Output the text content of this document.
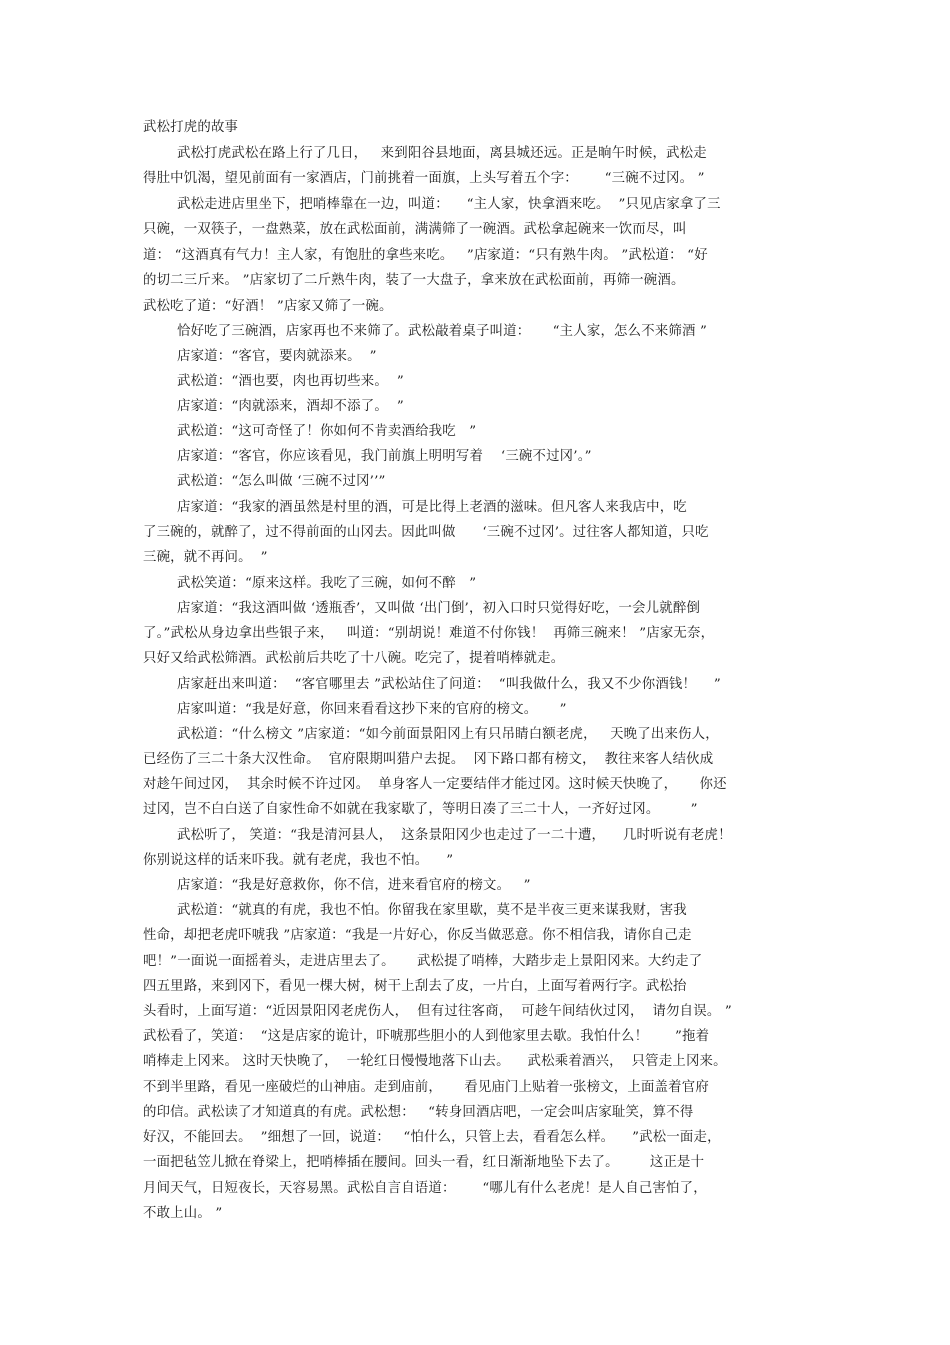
武松打虎的故事
武松打虎武松在路上行了几日，   来到阳谷县地面，离县城还远。正是晌午时候，武松走
得肚中饥渴，望见前面有一家酒店，门前挑着一面旗，上头写着五个字：      “三碗不过冈。 ”
武松走进店里坐下，把哨棒靠在一边，叫道：    “主人家，快拿酒来吃。  ”只见店家拿了三
只碗，一双筷子，一盘熟菜，放在武松面前，满满筛了一碗酒。武松拿起碗来一饮而尽，叫
道： “这酒真有气力！主人家，有饱肚的拿些来吃。   ”店家道：“只有熟牛肉。 ”武松道： “好
的切二三斤来。 ”店家切了二斤熟牛肉，装了一大盘子，拿来放在武松面前，再筛一碗酒。
武松吃了道：“好酒！ ”店家又筛了一碗。
恰好吃了三碗酒，店家再也不来筛了。武松敲着桌子叫道：     “主人家，怎么不来筛酒 ”
店家道：“客官，要肉就添来。  ”
武松道：“酒也要，肉也再切些来。  ”
店家道：“肉就添来，酒却不添了。  ”
武松道：“这可奇怪了！你如何不肯卖酒给我吃   ”
店家道：“客官，你应该看见，我门前旗上明明写着    ‘三碗不过冈’。”
武松道：“怎么叫做 ‘三碗不过冈’’”
店家道：“我家的酒虽然是村里的酒，可是比得上老酒的滋味。但凡客人来我店中，吃
了三碗的，就醉了，过不得前面的山冈去。因此叫做      ‘三碗不过冈’。过往客人都知道，只吃
三碗，就不再问。  ”
武松笑道：“原来这样。我吃了三碗，如何不醉   ”
店家道：“我这酒叫做 ‘透瓶香’，又叫做 ‘出门倒’，初入口时只觉得好吃，一会儿就醉倒
了。”武松从身边拿出些银子来，   叫道：“别胡说！难道不付你钱！  再筛三碗来！ ”店家无奈，
只好又给武松筛酒。武松前后共吃了十八碗。吃完了，提着哨棒就走。
店家赶出来叫道：  “客官哪里去 ”武松站住了问道：  “叫我做什么，我又不少你酒钱！    ”
店家叫道：“我是好意，你回来看看这抄下来的官府的榜文。     ”
武松道：“什么榜文 ”店家道：“如今前面景阳冈上有只吊睛白额老虎，   天晚了出来伤人，
已经伤了三二十条大汉性命。  官府限期叫猎户去捉。  冈下路口都有榜文，  教往来客人结伙成
对趁午间过冈，  其余时候不许过冈。  单身客人一定要结伴才能过冈。这时候天快晚了，     你还
过冈，岂不白白送了自家性命不如就在我家歇了，等明日凑了三二十人，一齐好过冈。       ”
武松听了， 笑道：“我是清河县人，  这条景阳冈少也走过了一二十遭，    几时听说有老虎！
你别说这样的话来吓我。就有老虎，我也不怕。    ”
店家道：“我是好意救你，你不信，进来看官府的榜文。   ”
武松道：“就真的有虎，我也不怕。你留我在家里歇，莫不是半夜三更来谋我财，害我
性命，却把老虎吓唬我 ”店家道：“我是一片好心，你反当做恶意。你不相信我，请你自己走
吧！”一面说一面摇着头，走进店里去了。     武松提了哨棒，大踏步走上景阳冈来。大约走了
四五里路，来到冈下，看见一棵大树，树干上刮去了皮，一片白，上面写着两行字。武松抬
头看时，上面写道：“近因景阳冈老虎伤人，  但有过往客商，  可趁午间结伙过冈，  请勿自误。 ”
武松看了，笑道：  “这是店家的诡计，吓唬那些胆小的人到他家里去歇。我怕什么！      ”拖着
哨棒走上冈来。 这时天快晚了，  一轮红日慢慢地落下山去。    武松乘着酒兴，  只管走上冈来。
不到半里路，看见一座破烂的山神庙。走到庙前，     看见庙门上贴着一张榜文，上面盖着官府
的印信。武松读了才知道真的有虎。武松想：   “转身回酒店吧，一定会叫店家耻笑，算不得
好汉，不能回去。  ”细想了一回，说道：   “怕什么，只管上去，看看怎么样。    ”武松一面走，
一面把毡笠儿掀在脊梁上，把哨棒插在腰间。回头一看，红日渐渐地坠下去了。       这正是十
月间天气，日短夜长，天容易黑。武松自言自语道：      “哪儿有什么老虎！是人自己害怕了，
不敢上山。 ”
